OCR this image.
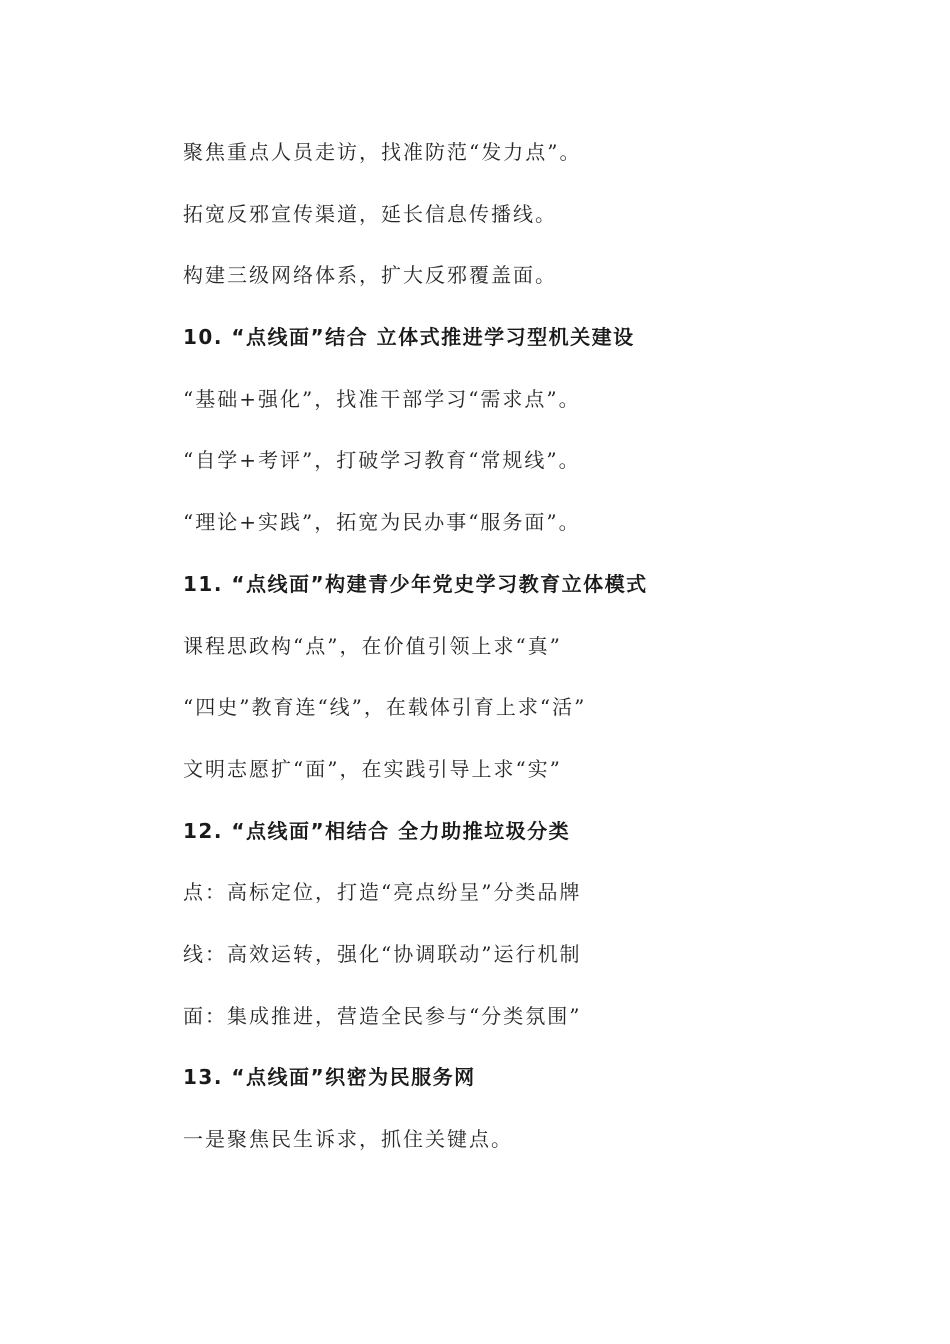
聚焦重点人员走访，找准防范“发力点”。
拓宽反邪宣传渠道，延长信息传播线。
构建三级网络体系，扩大反邪覆盖面。
10. “点线面”结合 立体式推进学习型机关建设
“基础+强化”，找准干部学习“需求点”。
“自学+考评”，打破学习教育“常规线”。
“理论+实践”，拓宽为民办事“服务面”。
11. “点线面”构建青少年党史学习教育立体模式
课程思政构“点”，在价值引领上求“真”
“四史”教育连“线”，在载体引育上求“活”
文明志愿扩“面”，在实践引导上求“实”
12. “点线面”相结合 全力助推垃圾分类
点：高标定位，打造“亮点纷呈”分类品牌
线：高效运转，强化“协调联动”运行机制
面：集成推进，营造全民参与“分类氛围”
13. “点线面”织密为民服务网
一是聚焦民生诉求，抓住关键点。
